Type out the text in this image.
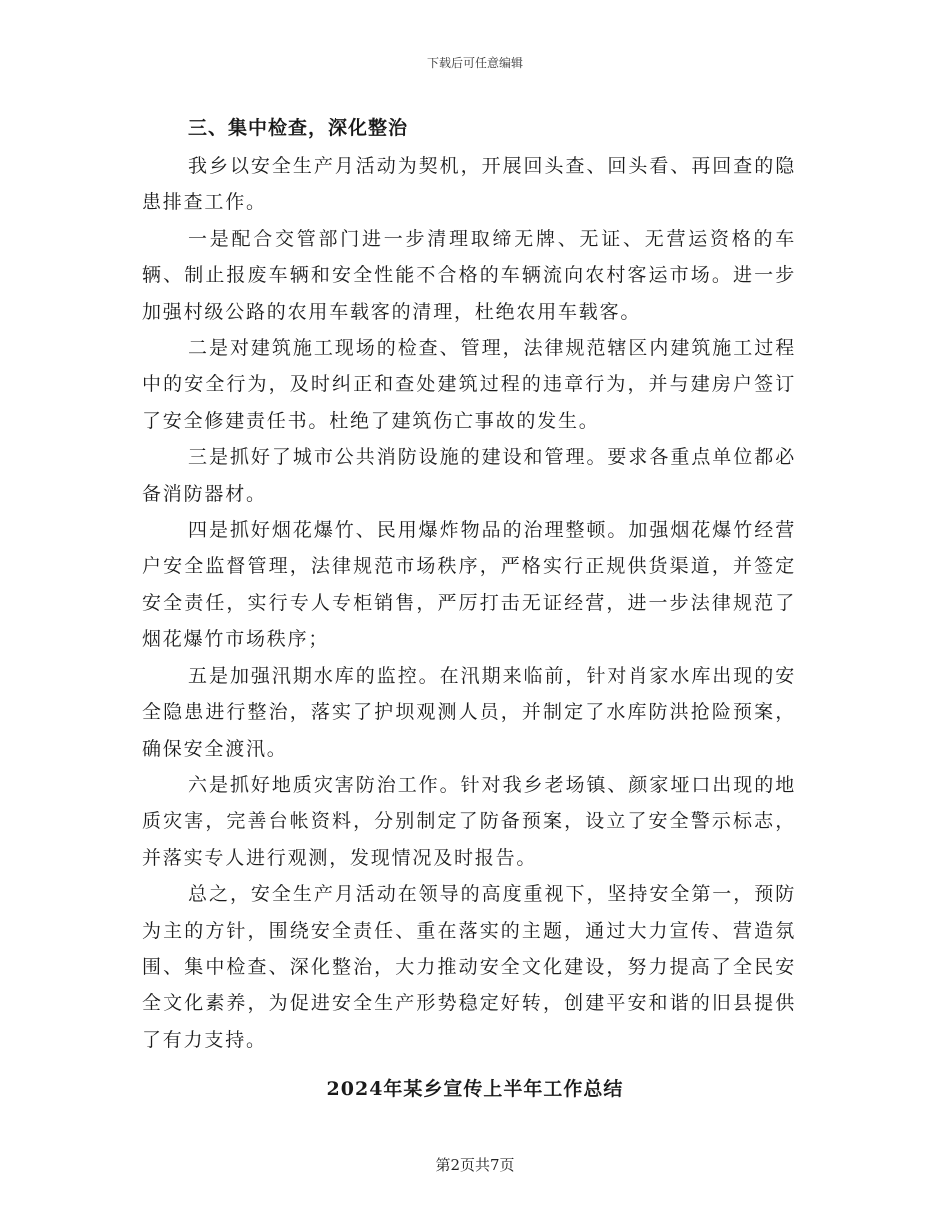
下载后可任意编辑
三、集中检查，深化整治

我乡以安全生产月活动为契机，开展回头查、回头看、再回查的隐患排查工作。

一是配合交管部门进一步清理取缔无牌、无证、无营运资格的车辆、制止报废车辆和安全性能不合格的车辆流向农村客运市场。进一步加强村级公路的农用车载客的清理，杜绝农用车载客。

二是对建筑施工现场的检查、管理，法律规范辖区内建筑施工过程中的安全行为，及时纠正和查处建筑过程的违章行为，并与建房户签订了安全修建责任书。杜绝了建筑伤亡事故的发生。

三是抓好了城市公共消防设施的建设和管理。要求各重点单位都必备消防器材。

四是抓好烟花爆竹、民用爆炸物品的治理整顿。加强烟花爆竹经营户安全监督管理，法律规范市场秩序，严格实行正规供货渠道，并签定安全责任，实行专人专柜销售，严厉打击无证经营，进一步法律规范了烟花爆竹市场秩序；

五是加强汛期水库的监控。在汛期来临前，针对肖家水库出现的安全隐患进行整治，落实了护坝观测人员，并制定了水库防洪抢险预案，确保安全渡汛。

六是抓好地质灾害防治工作。针对我乡老场镇、颜家垭口出现的地质灾害，完善台帐资料，分别制定了防备预案，设立了安全警示标志，并落实专人进行观测，发现情况及时报告。

总之，安全生产月活动在领导的高度重视下，坚持安全第一，预防为主的方针，围绕安全责任、重在落实的主题，通过大力宣传、营造氛围、集中检查、深化整治，大力推动安全文化建设，努力提高了全民安全文化素养，为促进安全生产形势稳定好转，创建平安和谐的旧县提供了有力支持。

2024年某乡宣传上半年工作总结
第2页共7页
